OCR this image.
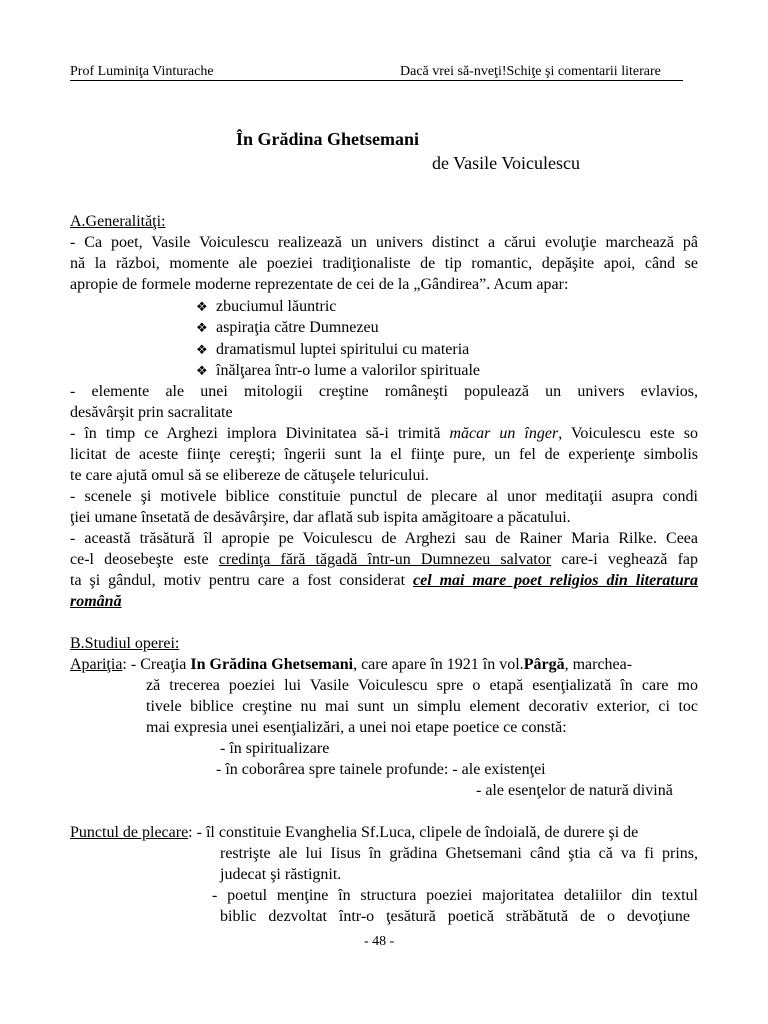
Prof Luminiţa Vinturache	Dacă vrei să-nveţi!Schiţe şi comentarii literare
În Grădina Ghetsemani
de Vasile Voiculescu
A.Generalităţi:
- Ca poet, Vasile Voiculescu realizează un univers distinct a cărui evoluţie marchează pâ
nă la război, momente ale poeziei tradiţionaliste de tip romantic, depăşite apoi, când se
apropie de formele moderne reprezentate de cei de la „Gândirea”. Acum apar:
❖ zbuciumul lăuntric
❖ aspiraţia către Dumnezeu
❖ dramatismul luptei spiritului cu materia
❖ înălţarea într-o lume a valorilor spirituale
- elemente ale unei mitologii creştine româneşti populează un univers evlavios,
desăvârşit prin sacralitate
- în timp ce Arghezi implora Divinitatea să-i trimită măcar un înger, Voiculescu este so
licitat de aceste fiinţe cereşti; îngerii sunt la el fiinţe pure, un fel de experienţe simbolis
te care ajută omul să se elibereze de cătuşele teluricului.
- scenele şi motivele biblice constituie punctul de plecare al unor meditaţii asupra condi
ţiei umane însetată de desăvârşire, dar aflată sub ispita amăgitoare a păcatului.
- această trăsătură îl apropie pe Voiculescu de Arghezi sau de Rainer Maria Rilke. Ceea
ce-l deosebeşte este credinţa fără tăgadă într-un Dumnezeu salvator care-i veghează fap
ta şi gândul, motiv pentru care a fost considerat cel mai mare poet religios din literatura
română
B.Studiul operei:
Apariţia: - Creaţia In Grădina Ghetsemani, care apare în 1921 în vol.Pârgă, marchea-
ză trecerea poeziei lui Vasile Voiculescu spre o etapă esenţializată în care mo
tivele biblice creştine nu mai sunt un simplu element decorativ exterior, ci toc
mai expresia unei esenţializări, a unei noi etape poetice ce constă:
- în spiritualizare
- în coborârea spre tainele profunde: - ale existenţei
- ale esenţelor de natură divină
Punctul de plecare: - îl constituie Evanghelia Sf.Luca, clipele de îndoială, de durere şi de
restrişte ale lui Iisus în grădina Ghetsemani când ştia că va fi prins,
judecat şi răstignit.
- poetul menţine în structura poeziei majoritatea detaliilor din textul
biblic dezvoltat într-o ţesătură poetică străbătută de o devoţiune
- 48 -
